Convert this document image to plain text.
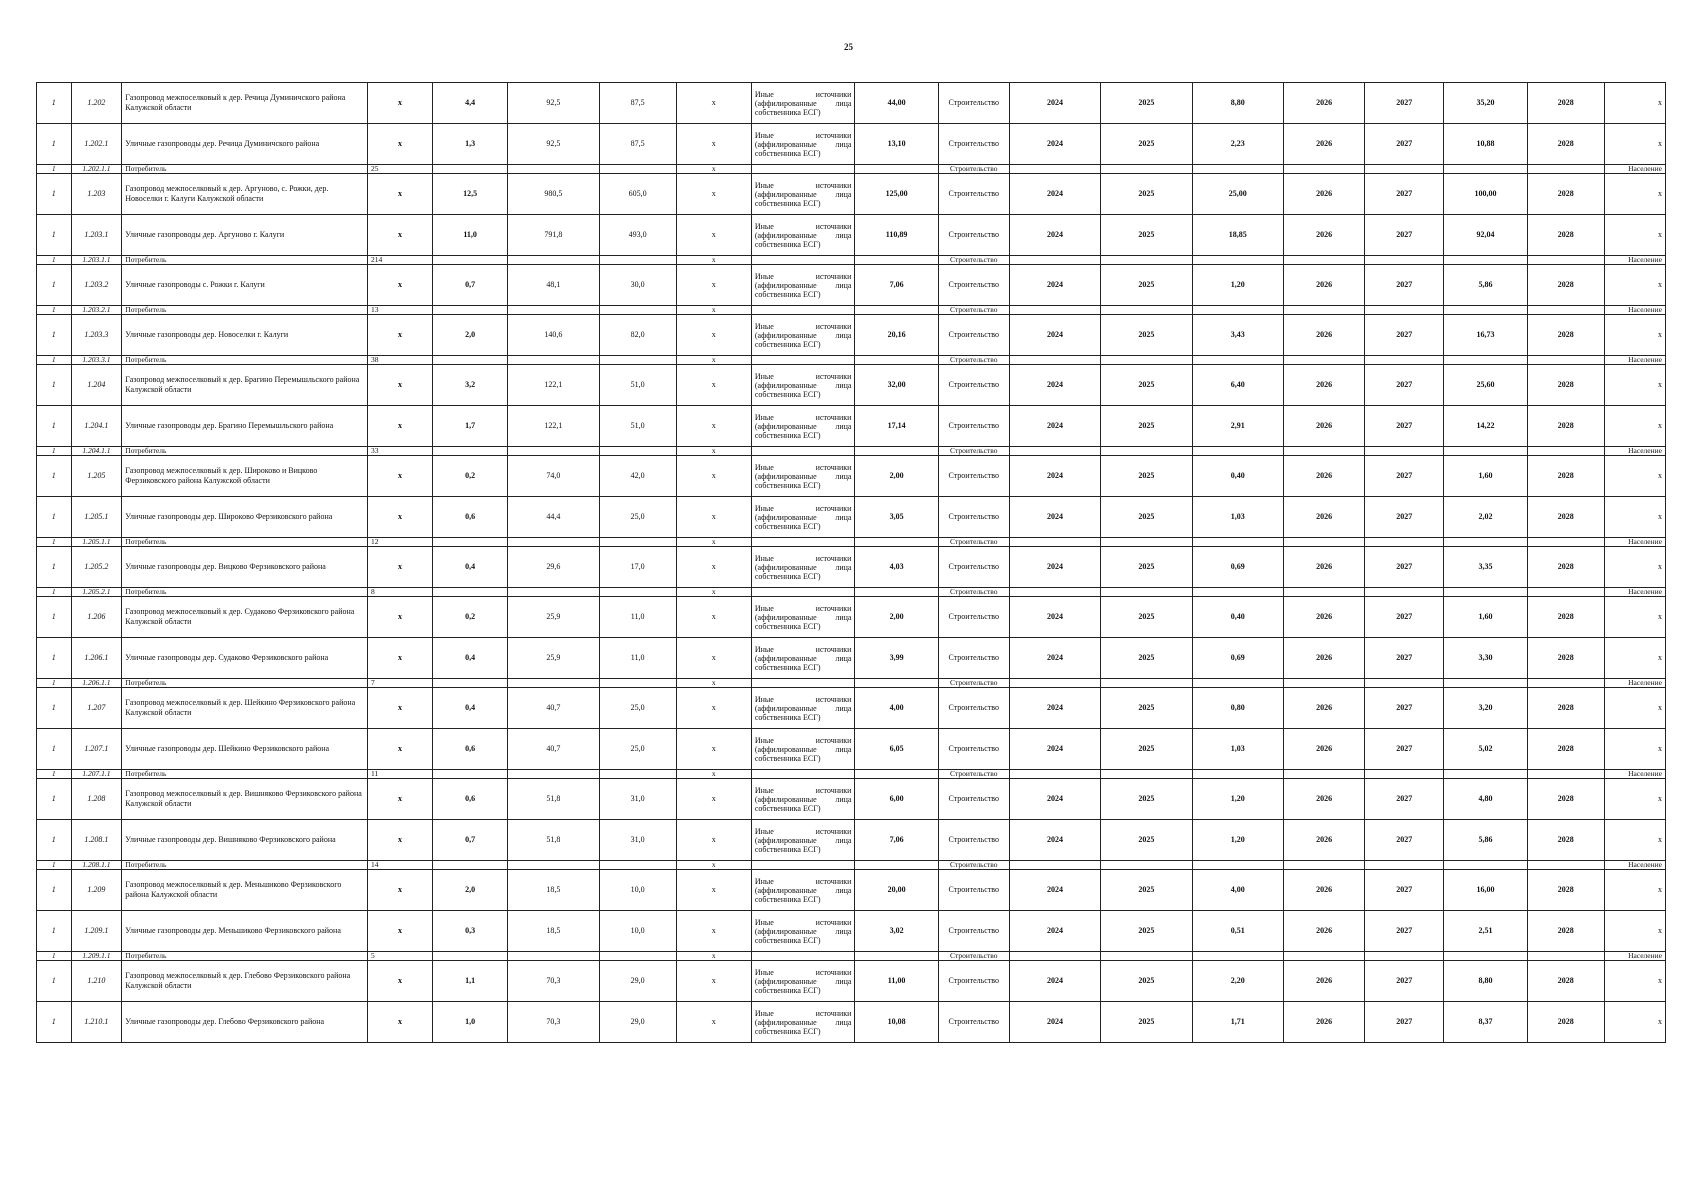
25
1	1.202	Газопровод межпоселковый к дер. Речица Думиничского района Калужской области	x	4,4	92,5	87,5	x	Иные источники (аффилированные лица собственника ЕСГ)	44,00	Строительство	2024	2025	8,80	2026	2027	35,20	2028	x
1	1.202.1	Уличные газопроводы дер. Речица Думиничского района	x	1,3	92,5	87,5	x	Иные источники (аффилированные лица собственника ЕСГ)	13,10	Строительство	2024	2025	2,23	2026	2027	10,88	2028	x
1	1.202.1.1	Потребитель	25				x			Строительство								Население
1	1.203	Газопровод межпоселковый к дер. Аргуново, с. Рожки, дер. Новоселки г. Калуги Калужской области	x	12,5	980,5	605,0	x	Иные источники (аффилированные лица собственника ЕСГ)	125,00	Строительство	2024	2025	25,00	2026	2027	100,00	2028	x
1	1.203.1	Уличные газопроводы дер. Аргуново г. Калуги	x	11,0	791,8	493,0	x	Иные источники (аффилированные лица собственника ЕСГ)	110,89	Строительство	2024	2025	18,85	2026	2027	92,04	2028	x
1	1.203.1.1	Потребитель	214				x			Строительство								Население
1	1.203.2	Уличные газопроводы с. Рожки г. Калуги	x	0,7	48,1	30,0	x	Иные источники (аффилированные лица собственника ЕСГ)	7,06	Строительство	2024	2025	1,20	2026	2027	5,86	2028	x
1	1.203.2.1	Потребитель	13				x			Строительство								Население
1	1.203.3	Уличные газопроводы дер. Новоселки г. Калуги	x	2,0	140,6	82,0	x	Иные источники (аффилированные лица собственника ЕСГ)	20,16	Строительство	2024	2025	3,43	2026	2027	16,73	2028	x
1	1.203.3.1	Потребитель	38				x			Строительство								Население
1	1.204	Газопровод межпоселковый к дер. Брагино Перемышльского района Калужской области	x	3,2	122,1	51,0	x	Иные источники (аффилированные лица собственника ЕСГ)	32,00	Строительство	2024	2025	6,40	2026	2027	25,60	2028	x
1	1.204.1	Уличные газопроводы дер. Брагино Перемышльского района	x	1,7	122,1	51,0	x	Иные источники (аффилированные лица собственника ЕСГ)	17,14	Строительство	2024	2025	2,91	2026	2027	14,22	2028	x
1	1.204.1.1	Потребитель	33				x			Строительство								Население
1	1.205	Газопровод межпоселковый к дер. Широково и Вицково Ферзиковского района Калужской области	x	0,2	74,0	42,0	x	Иные источники (аффилированные лица собственника ЕСГ)	2,00	Строительство	2024	2025	0,40	2026	2027	1,60	2028	x
1	1.205.1	Уличные газопроводы дер. Широково Ферзиковского района	x	0,6	44,4	25,0	x	Иные источники (аффилированные лица собственника ЕСГ)	3,05	Строительство	2024	2025	1,03	2026	2027	2,02	2028	x
1	1.205.1.1	Потребитель	12				x			Строительство								Население
1	1.205.2	Уличные газопроводы дер. Вицково Ферзиковского района	x	0,4	29,6	17,0	x	Иные источники (аффилированные лица собственника ЕСГ)	4,03	Строительство	2024	2025	0,69	2026	2027	3,35	2028	x
1	1.205.2.1	Потребитель	8				x			Строительство								Население
1	1.206	Газопровод межпоселковый к дер. Судаково Ферзиковского района Калужской области	x	0,2	25,9	11,0	x	Иные источники (аффилированные лица собственника ЕСГ)	2,00	Строительство	2024	2025	0,40	2026	2027	1,60	2028	x
1	1.206.1	Уличные газопроводы дер. Судаково Ферзиковского района	x	0,4	25,9	11,0	x	Иные источники (аффилированные лица собственника ЕСГ)	3,99	Строительство	2024	2025	0,69	2026	2027	3,30	2028	x
1	1.206.1.1	Потребитель	7				x			Строительство								Население
1	1.207	Газопровод межпоселковый к дер. Шейкино Ферзиковского района Калужской области	x	0,4	40,7	25,0	x	Иные источники (аффилированные лица собственника ЕСГ)	4,00	Строительство	2024	2025	0,80	2026	2027	3,20	2028	x
1	1.207.1	Уличные газопроводы дер. Шейкино Ферзиковского района	x	0,6	40,7	25,0	x	Иные источники (аффилированные лица собственника ЕСГ)	6,05	Строительство	2024	2025	1,03	2026	2027	5,02	2028	x
1	1.207.1.1	Потребитель	11				x			Строительство								Население
1	1.208	Газопровод межпоселковый к дер. Вишняково Ферзиковского района Калужской области	x	0,6	51,8	31,0	x	Иные источники (аффилированные лица собственника ЕСГ)	6,00	Строительство	2024	2025	1,20	2026	2027	4,80	2028	x
1	1.208.1	Уличные газопроводы дер. Вишняково Ферзиковского района	x	0,7	51,8	31,0	x	Иные источники (аффилированные лица собственника ЕСГ)	7,06	Строительство	2024	2025	1,20	2026	2027	5,86	2028	x
1	1.208.1.1	Потребитель	14				x			Строительство								Население
1	1.209	Газопровод межпоселковый к дер. Меньшиково Ферзиковского района Калужской области	x	2,0	18,5	10,0	x	Иные источники (аффилированные лица собственника ЕСГ)	20,00	Строительство	2024	2025	4,00	2026	2027	16,00	2028	x
1	1.209.1	Уличные газопроводы дер. Меньшиково Ферзиковского района	x	0,3	18,5	10,0	x	Иные источники (аффилированные лица собственника ЕСГ)	3,02	Строительство	2024	2025	0,51	2026	2027	2,51	2028	x
1	1.209.1.1	Потребитель	5				x			Строительство								Население
1	1.210	Газопровод межпоселковый к дер. Глебово Ферзиковского района Калужской области	x	1,1	70,3	29,0	x	Иные источники (аффилированные лица собственника ЕСГ)	11,00	Строительство	2024	2025	2,20	2026	2027	8,80	2028	x
1	1.210.1	Уличные газопроводы дер. Глебово Ферзиковского района	x	1,0	70,3	29,0	x	Иные источники (аффилированные лица собственника ЕСГ)	10,08	Строительство	2024	2025	1,71	2026	2027	8,37	2028	x
